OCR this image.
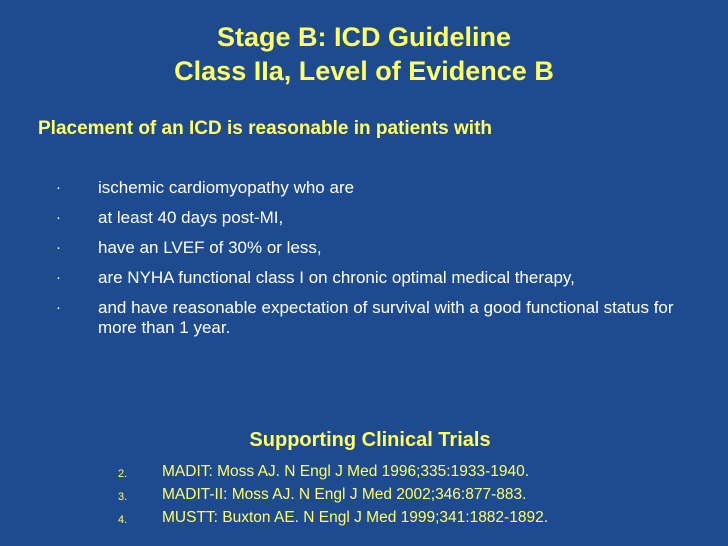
Stage B: ICD Guideline
Class IIa, Level of Evidence B
Placement of an ICD is reasonable in patients with
· ischemic cardiomyopathy who are
· at least 40 days post-MI,
· have an LVEF of 30% or less,
· are NYHA functional class I on chronic optimal medical therapy,
· and have reasonable expectation of survival with a good functional status for more than 1 year.
Supporting Clinical Trials
2. MADIT: Moss AJ. N Engl J Med 1996;335:1933-1940.
3. MADIT-II: Moss AJ. N Engl J Med 2002;346:877-883.
4. MUSTT: Buxton AE. N Engl J Med 1999;341:1882-1892.
